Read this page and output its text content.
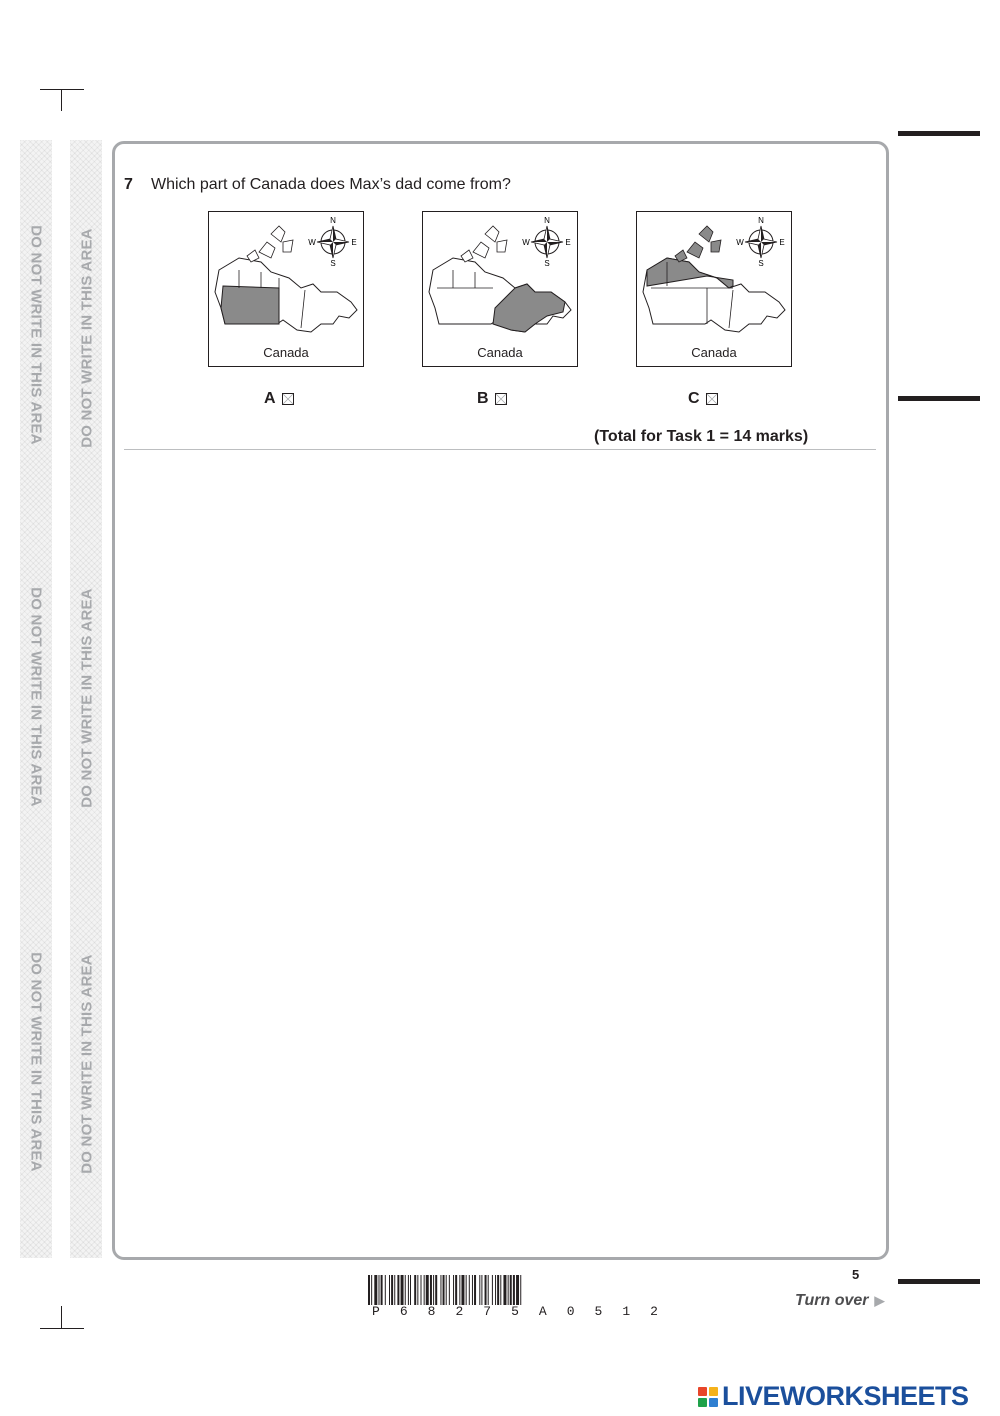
DO NOT WRITE IN THIS AREA
DO NOT WRITE IN THIS AREA
DO NOT WRITE IN THIS AREA
DO NOT WRITE IN THIS AREA
DO NOT WRITE IN THIS AREA
DO NOT WRITE IN THIS AREA
7 Which part of Canada does Max’s dad come from?
N
S
E
W
Canada
N
S
E
W
Canada
N
S
E
W
Canada
A	B	C
(Total for Task 1 = 14 marks)
5
Turn over ▶
P 6 8 2 7 5 A 0 5 1 2
LIVEWORKSHEETS
